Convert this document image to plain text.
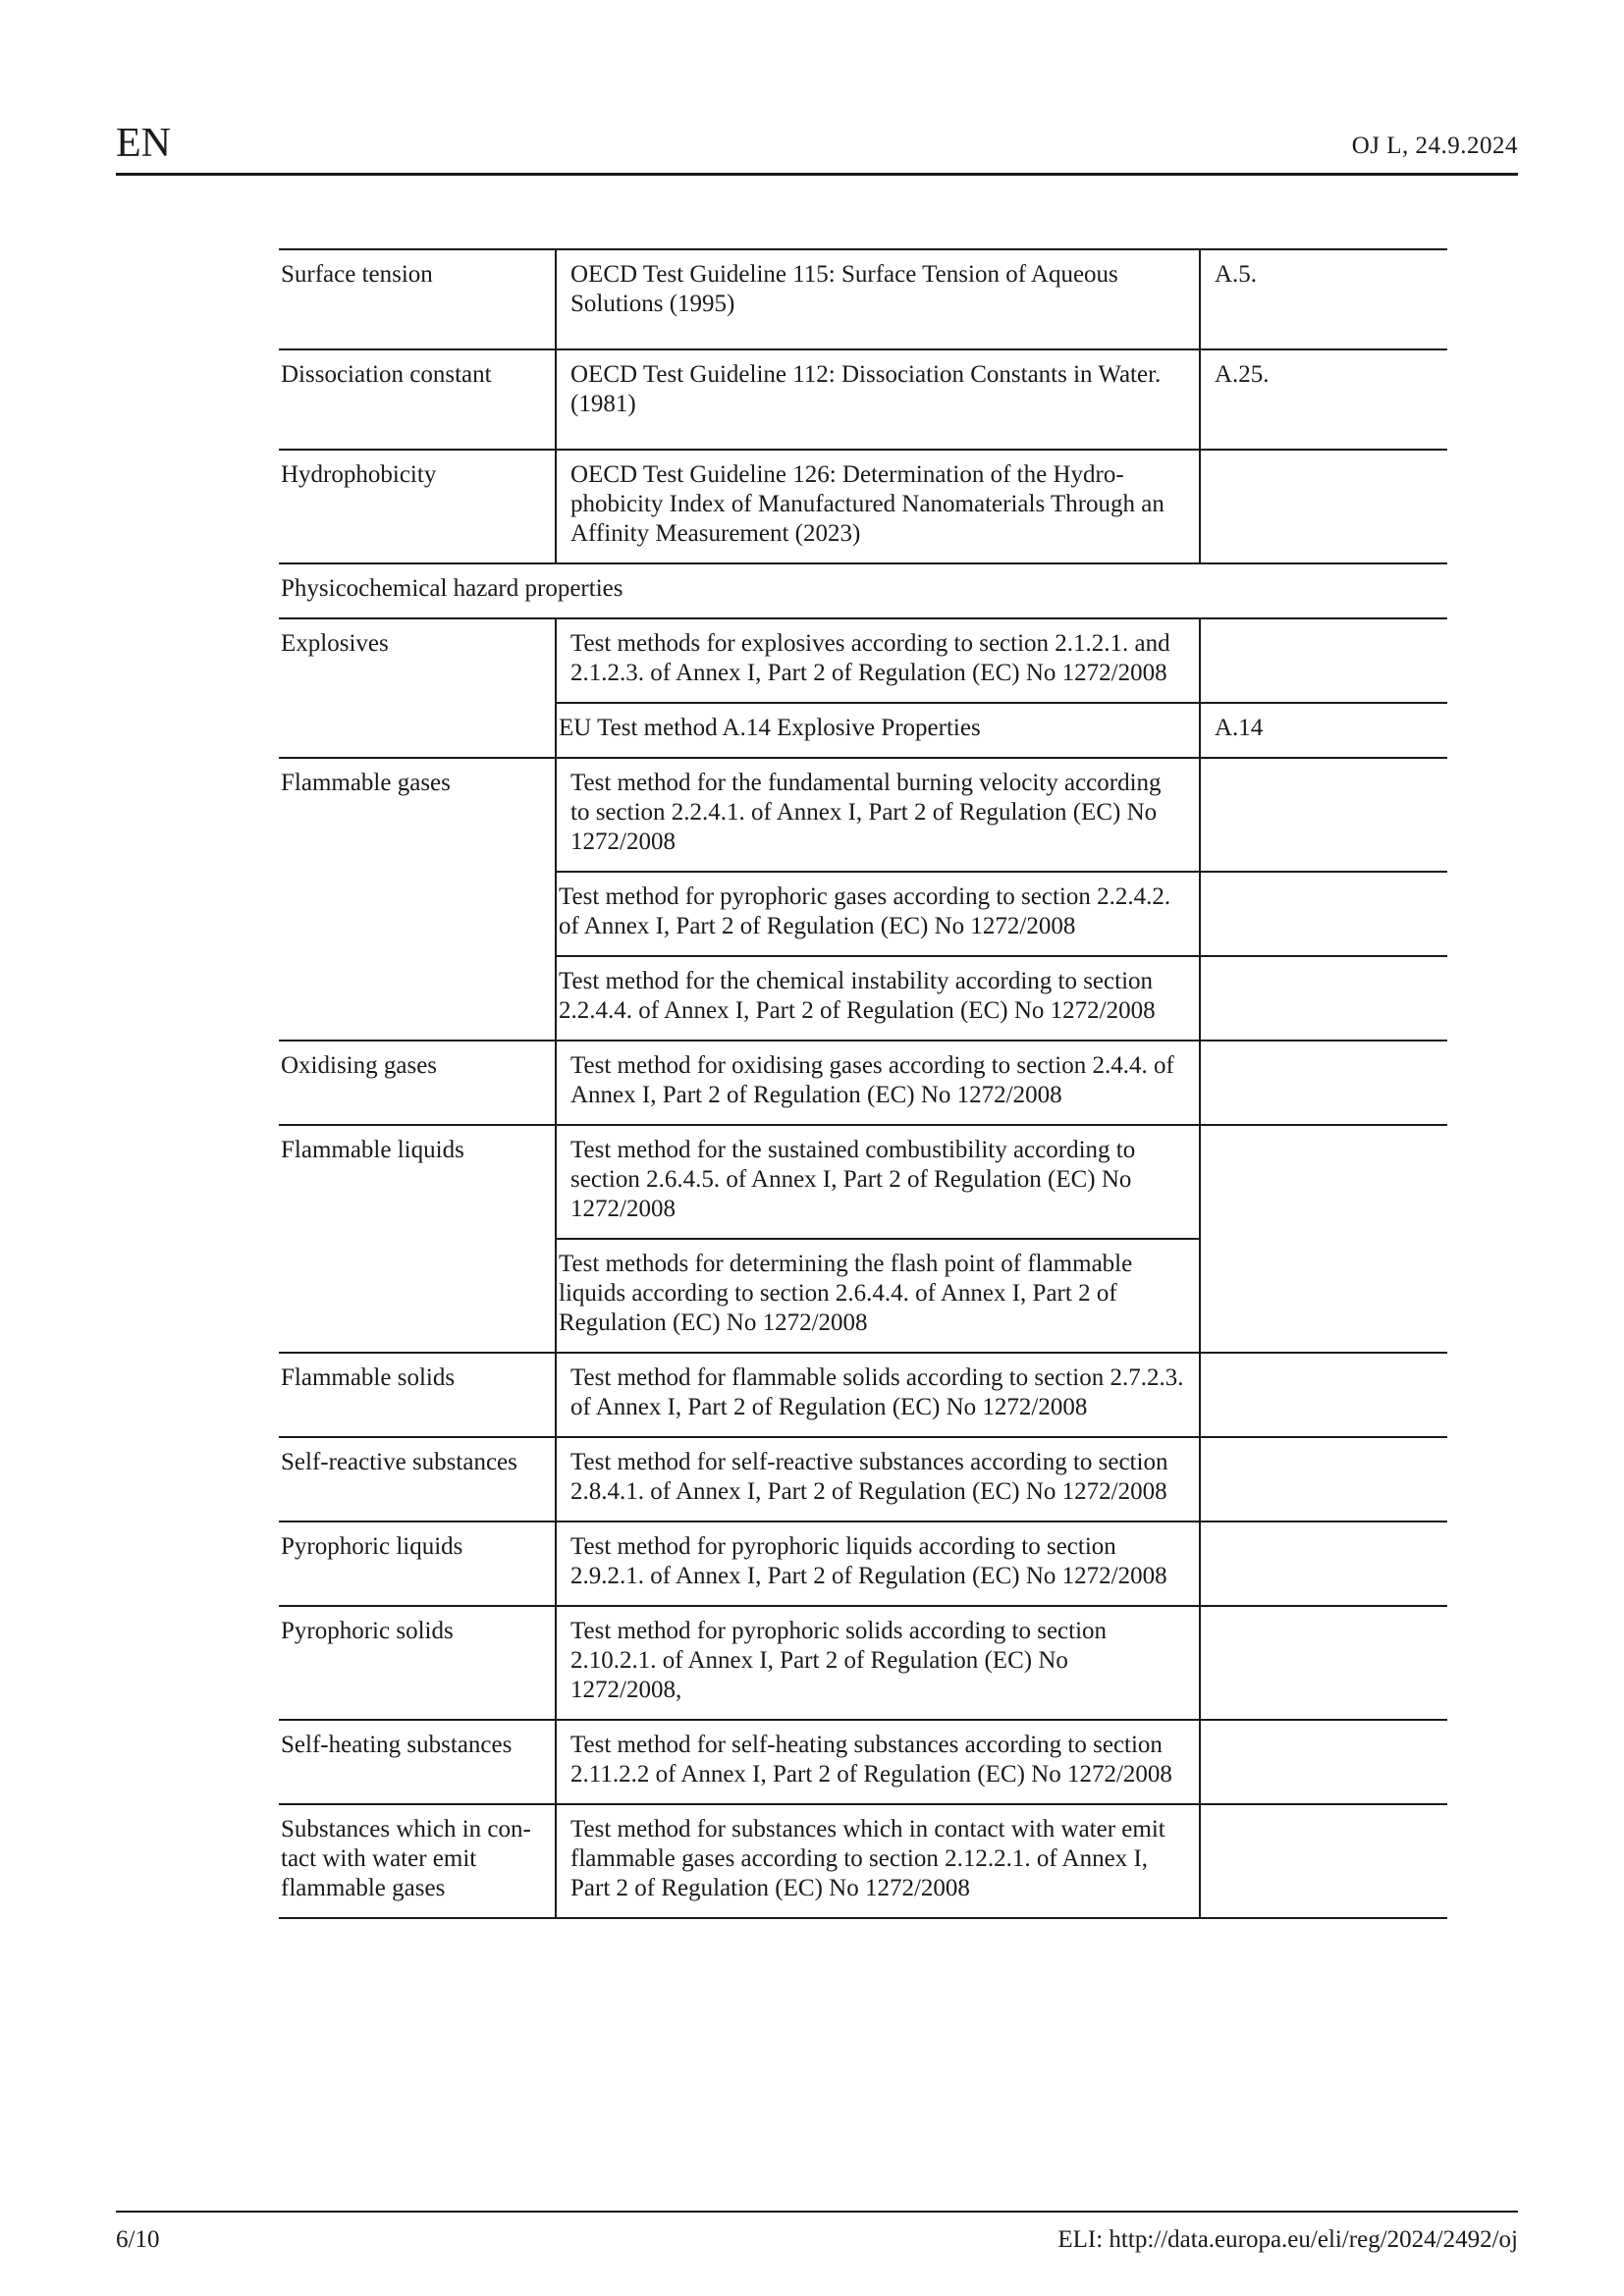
EN	OJ L, 24.9.2024
Surface tension	OECD Test Guideline 115: Surface Tension of Aqueous Solutions (1995)	A.5.
Dissociation constant	OECD Test Guideline 112: Dissociation Constants in Water. (1981)	A.25.
Hydrophobicity	OECD Test Guideline 126: Determination of the Hydro-phobicity Index of Manufactured Nanomaterials Through an Affinity Measurement (2023)	
Physicochemical hazard properties		
Explosives	Test methods for explosives according to section 2.1.2.1. and 2.1.2.3. of Annex I, Part 2 of Regulation (EC) No 1272/2008	
	EU Test method A.14 Explosive Properties	A.14
Flammable gases	Test method for the fundamental burning velocity according to section 2.2.4.1. of Annex I, Part 2 of Regulation (EC) No 1272/2008	
	Test method for pyrophoric gases according to section 2.2.4.2. of Annex I, Part 2 of Regulation (EC) No 1272/2008	
	Test method for the chemical instability according to section 2.2.4.4. of Annex I, Part 2 of Regulation (EC) No 1272/2008	
Oxidising gases	Test method for oxidising gases according to section 2.4.4. of Annex I, Part 2 of Regulation (EC) No 1272/2008	
Flammable liquids	Test method for the sustained combustibility according to section 2.6.4.5. of Annex I, Part 2 of Regulation (EC) No 1272/2008	
	Test methods for determining the flash point of flammable liquids according to section 2.6.4.4. of Annex I, Part 2 of Regulation (EC) No 1272/2008	
Flammable solids	Test method for flammable solids according to section 2.7.2.3. of Annex I, Part 2 of Regulation (EC) No 1272/2008	
Self-reactive substances	Test method for self-reactive substances according to section 2.8.4.1. of Annex I, Part 2 of Regulation (EC) No 1272/2008	
Pyrophoric liquids	Test method for pyrophoric liquids according to section 2.9.2.1. of Annex I, Part 2 of Regulation (EC) No 1272/2008	
Pyrophoric solids	Test method for pyrophoric solids according to section 2.10.2.1. of Annex I, Part 2 of Regulation (EC) No 1272/2008,	
Self-heating substances	Test method for self-heating substances according to section 2.11.2.2 of Annex I, Part 2 of Regulation (EC) No 1272/2008	
Substances which in con-tact with water emit flammable gases	Test method for substances which in contact with water emit flammable gases according to section 2.12.2.1. of Annex I, Part 2 of Regulation (EC) No 1272/2008	
6/10	ELI: http://data.europa.eu/eli/reg/2024/2492/oj
